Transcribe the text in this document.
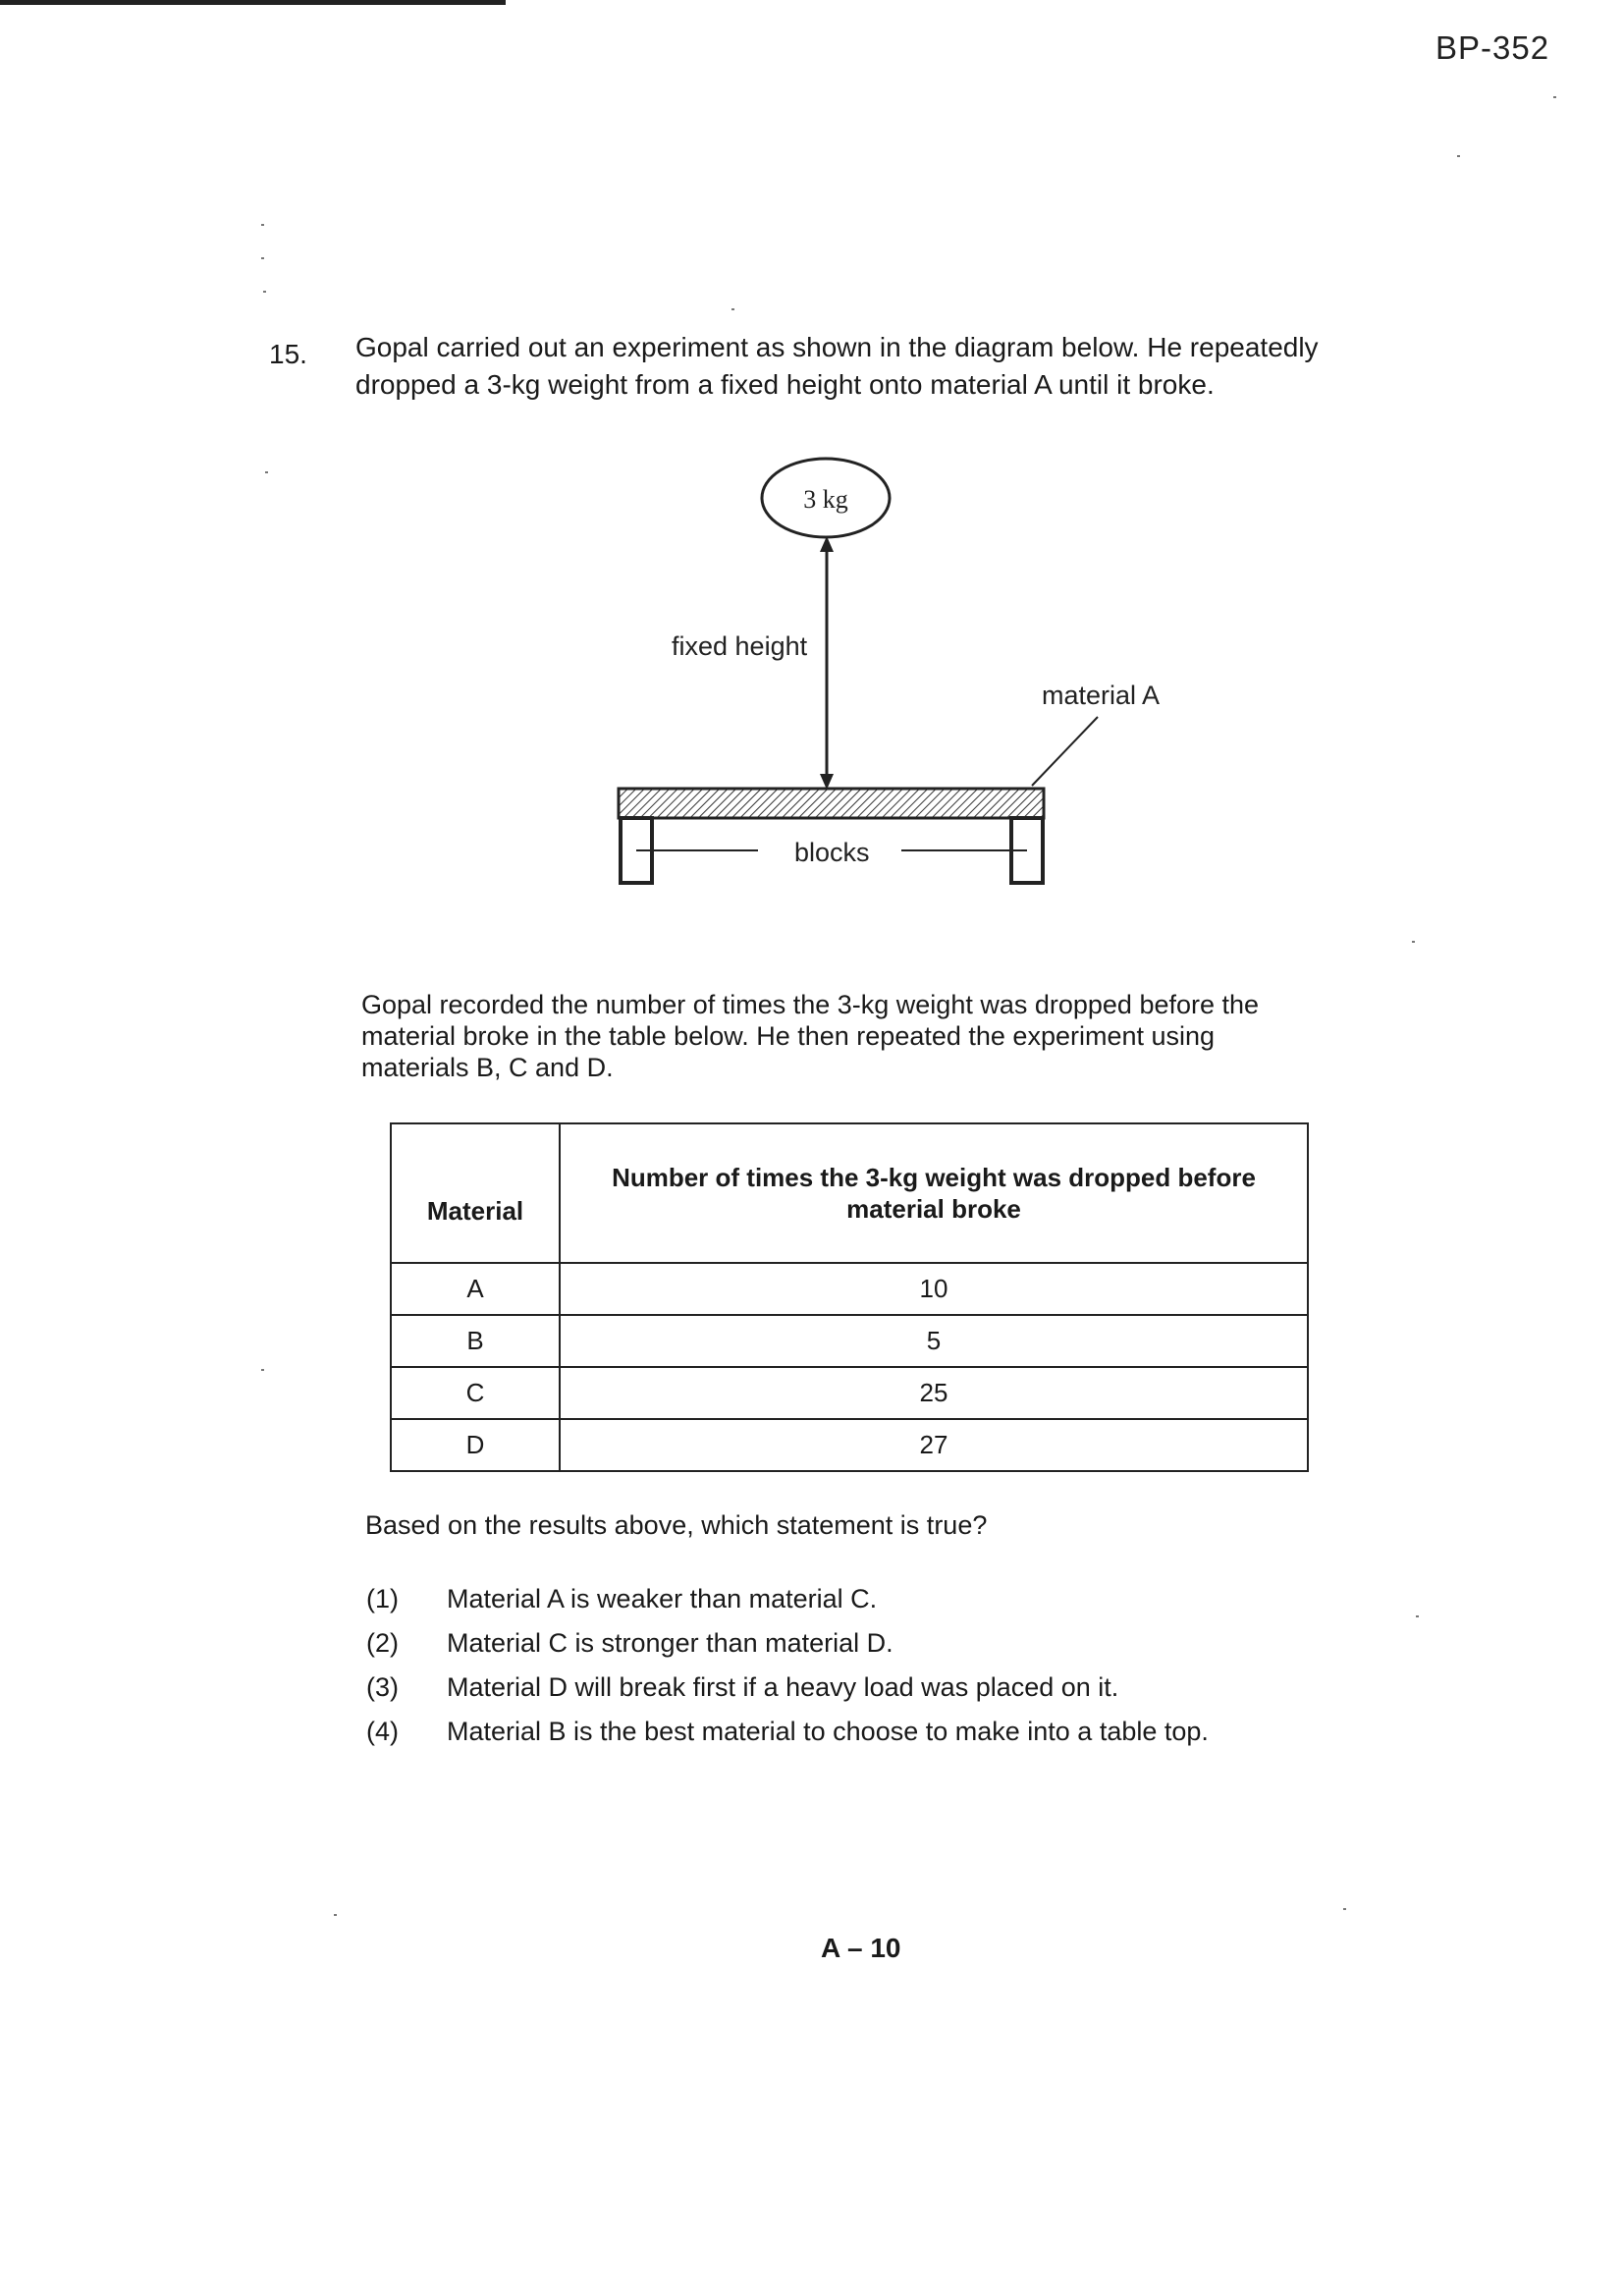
BP-352
15. Gopal carried out an experiment as shown in the diagram below. He repeatedly dropped a 3-kg weight from a fixed height onto material A until it broke.
3 kg
fixed height
material A
blocks
Gopal recorded the number of times the 3-kg weight was dropped before the material broke in the table below. He then repeated the experiment using materials B, C and D.
Material	Number of times the 3-kg weight was dropped before material broke
A	10
B	5
C	25
D	27
Based on the results above, which statement is true?
(1) Material A is weaker than material C.
(2) Material C is stronger than material D.
(3) Material D will break first if a heavy load was placed on it.
(4) Material B is the best material to choose to make into a table top.
A – 10
